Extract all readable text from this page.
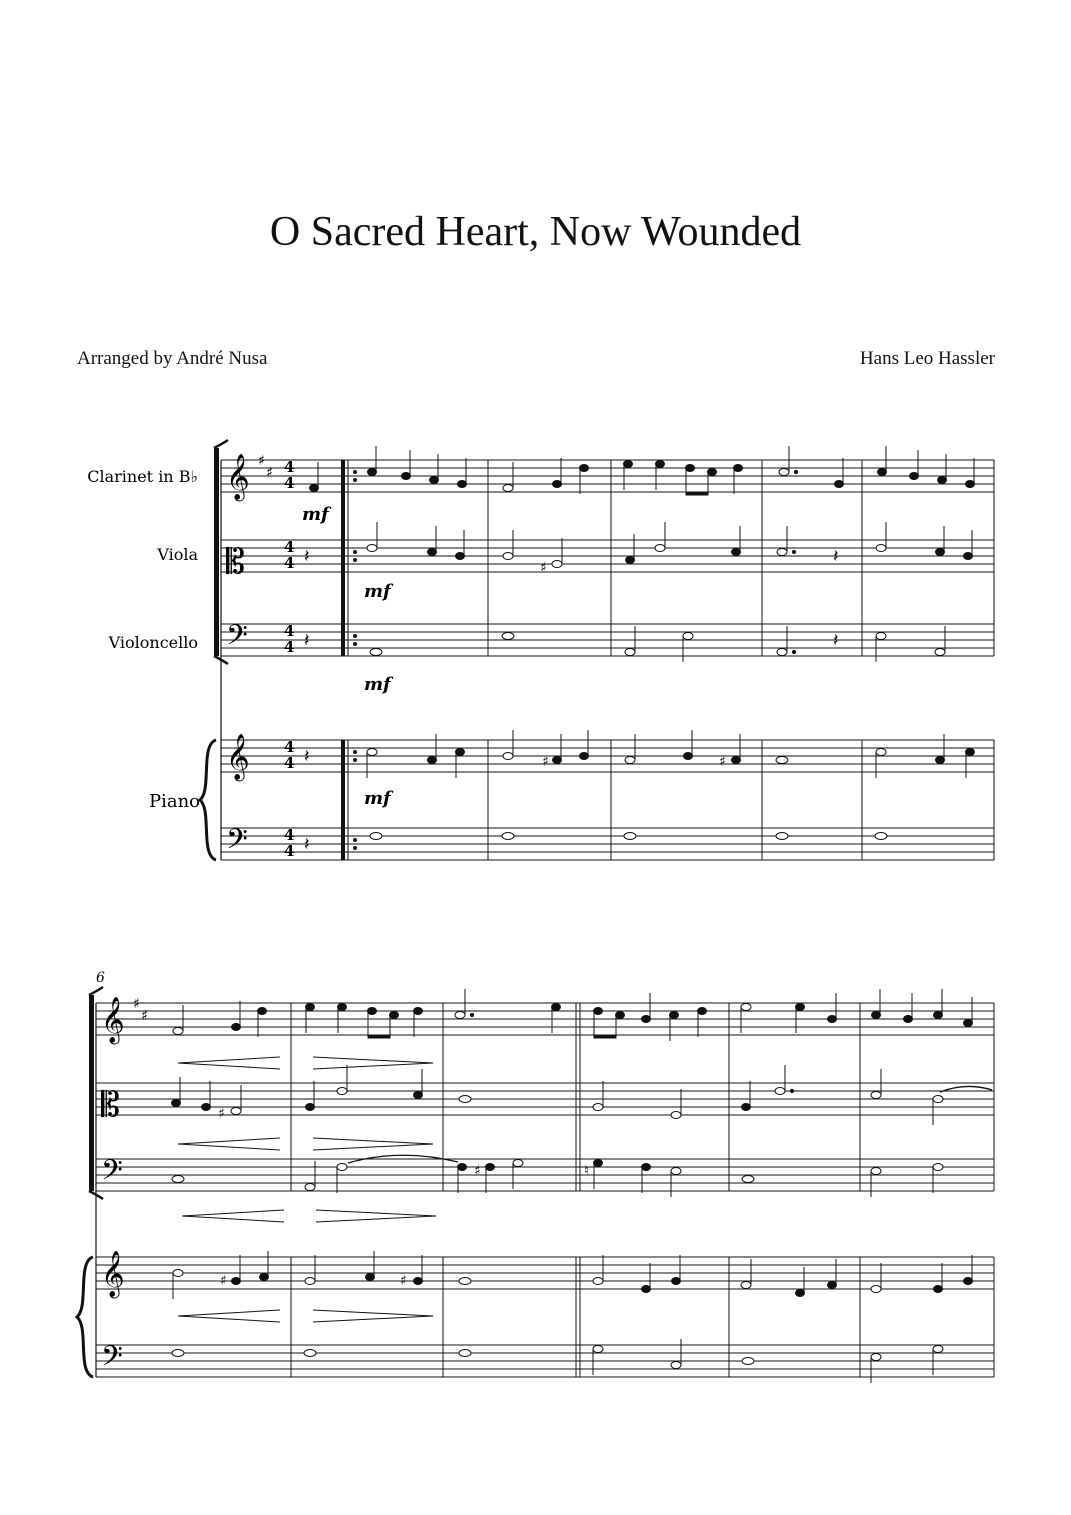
O Sacred Heart, Now Wounded
Arranged by André Nusa	Hans Leo Hassler
Clarinet in B♭
Viola
Violoncello
Piano
𝄞
𝄡
𝄢
𝄞
𝄢
♯
♯ 4
4
4
4
4
4
4
4
4
4
𝄽
♯
𝄽
𝄽	𝄽
𝄽	♯	♯
𝄽
mf
mf
mf
mf
6
𝄞
𝄡
𝄢
𝄞
𝄢
♯
♯
♯
♯	♮
♯	♯
